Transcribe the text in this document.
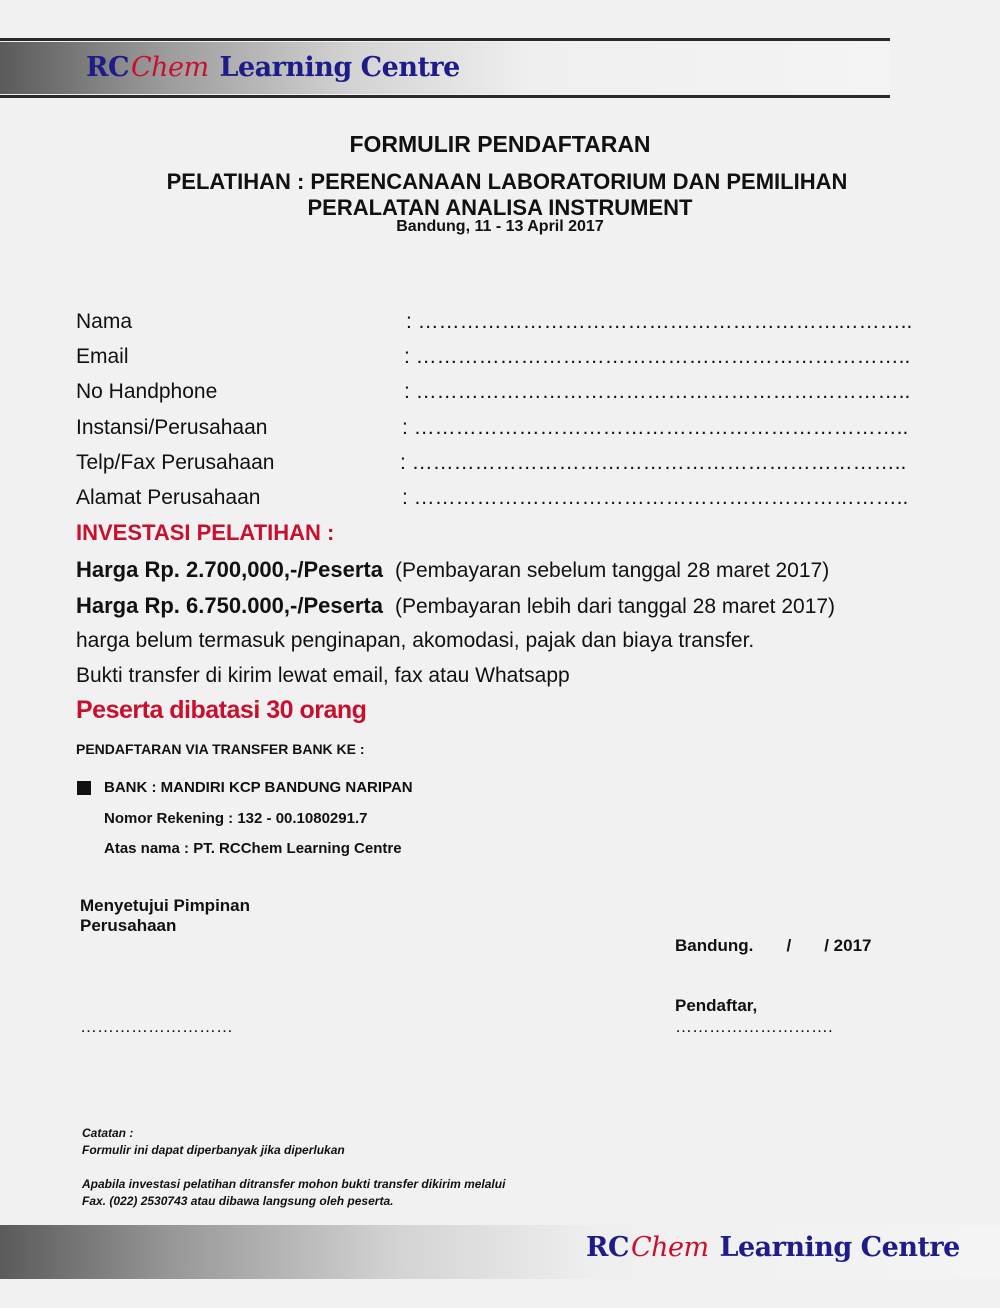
RCChem Learning Centre
FORMULIR PENDAFTARAN
PELATIHAN : PERENCANAAN LABORATORIUM DAN PEMILIHAN
PERALATAN ANALISA INSTRUMENT
Bandung, 11 - 13 April 2017
Nama	: ……………………………………………………………..
Email	: ……………………………………………………………..
No Handphone	: ……………………………………………………………..
Instansi/Perusahaan	: ……………………………………………………………..
Telp/Fax Perusahaan	: ……………………………………………………………..
Alamat Perusahaan	: ……………………………………………………………..
INVESTASI PELATIHAN :
Harga Rp. 2.700,000,-/Peserta (Pembayaran sebelum tanggal 28 maret 2017)
Harga Rp. 6.750.000,-/Peserta (Pembayaran lebih dari tanggal 28 maret 2017)
harga belum termasuk penginapan, akomodasi, pajak dan biaya transfer.
Bukti transfer di kirim lewat email, fax atau Whatsapp
Peserta dibatasi 30 orang
PENDAFTARAN VIA TRANSFER BANK KE :
BANK : MANDIRI KCP BANDUNG NARIPAN
Nomor Rekening : 132 - 00.1080291.7
Atas nama : PT. RCChem Learning Centre
Menyetujui Pimpinan
Perusahaan

Bandung.       /       / 2017

Pendaftar,

………………………	……………………….
Catatan :
Formulir ini dapat diperbanyak jika diperlukan
Apabila investasi pelatihan ditransfer mohon bukti transfer dikirim melalui
Fax. (022) 2530743 atau dibawa langsung oleh peserta.
RCChem Learning Centre
